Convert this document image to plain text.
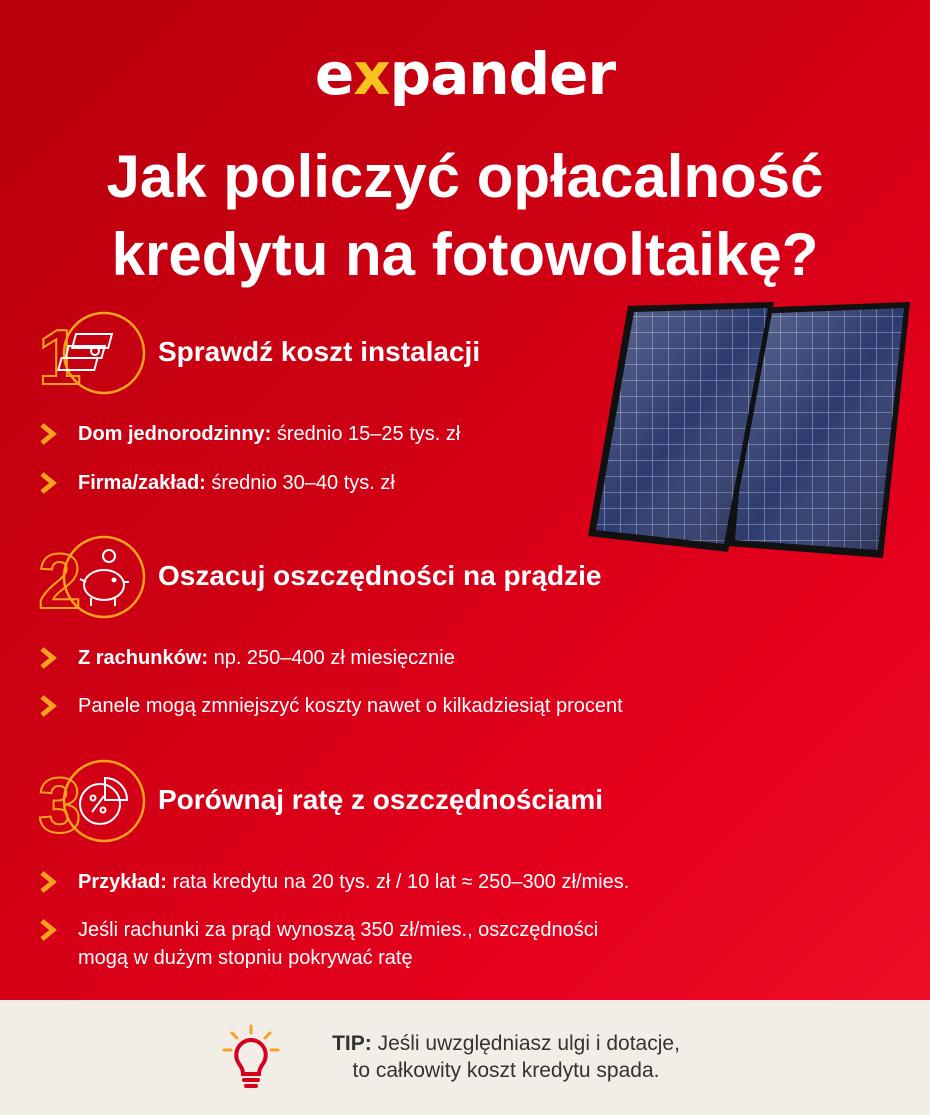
expander
Jak policzyć opłacalność
kredytu na fotowoltaikę?
1	Sprawdź koszt instalacji
Dom jednorodzinny: średnio 15–25 tys. zł
Firma/zakład: średnio 30–40 tys. zł
2	Oszacuj oszczędności na prądzie
Z rachunków: np. 250–400 zł miesięcznie
Panele mogą zmniejszyć koszty nawet o kilkadziesiąt procent
3	Porównaj ratę z oszczędnościami
Przykład: rata kredytu na 20 tys. zł / 10 lat ≈ 250–300 zł/mies.
Jeśli rachunki za prąd wynoszą 350 zł/mies., oszczędności
mogą w dużym stopniu pokrywać ratę
TIP: Jeśli uwzględniasz ulgi i dotacje,
to całkowity koszt kredytu spada.
